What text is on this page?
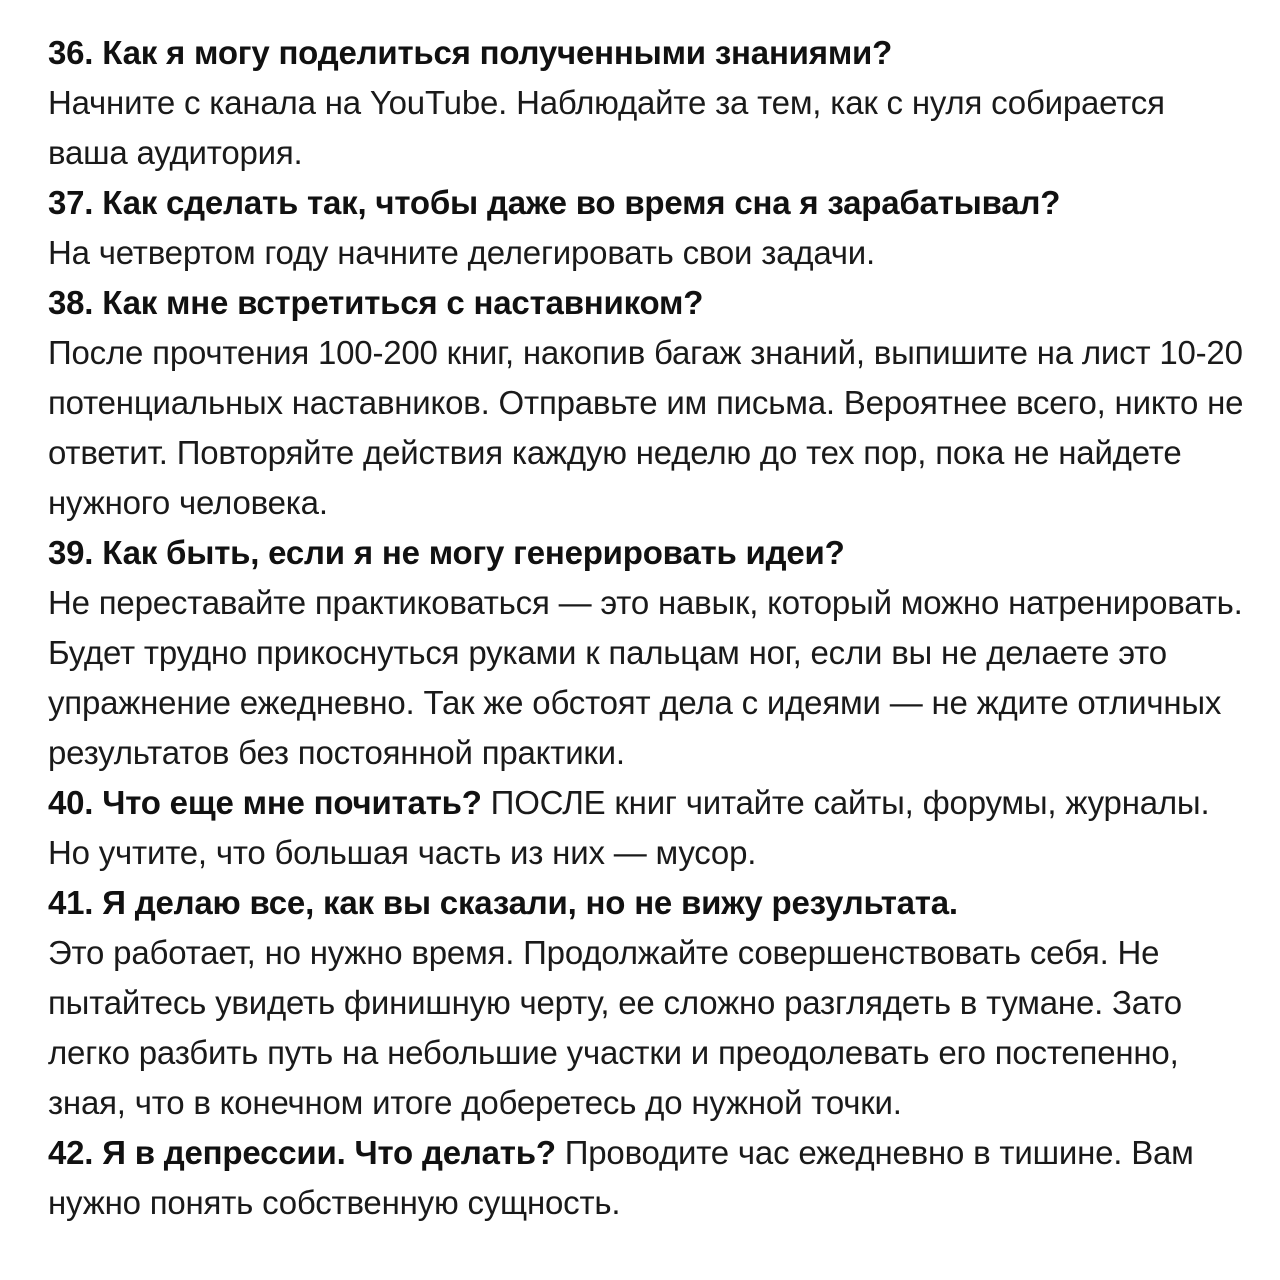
36. Как я могу поделиться полученными знаниями?
Начните с канала на YouTube. Наблюдайте за тем, как с нуля собирается ваша аудитория.

37. Как сделать так, чтобы даже во время сна я зарабатывал?
На четвертом году начните делегировать свои задачи.

38. Как мне встретиться с наставником?
После прочтения 100-200 книг, накопив багаж знаний, выпишите на лист 10-20 потенциальных наставников. Отправьте им письма. Вероятнее всего, никто не ответит. Повторяйте действия каждую неделю до тех пор, пока не найдете нужного человека.

39. Как быть, если я не могу генерировать идеи?
Не переставайте практиковаться — это навык, который можно натренировать. Будет трудно прикоснуться руками к пальцам ног, если вы не делаете это упражнение ежедневно. Так же обстоят дела с идеями — не ждите отличных результатов без постоянной практики.

40. Что еще мне почитать? ПОСЛЕ книг читайте сайты, форумы, журналы. Но учтите, что большая часть из них — мусор.

41. Я делаю все, как вы сказали, но не вижу результата.
Это работает, но нужно время. Продолжайте совершенствовать себя. Не пытайтесь увидеть финишную черту, ее сложно разглядеть в тумане. Зато легко разбить путь на небольшие участки и преодолевать его постепенно, зная, что в конечном итоге доберетесь до нужной точки.

42. Я в депрессии. Что делать? Проводите час ежедневно в тишине. Вам нужно понять собственную сущность.
